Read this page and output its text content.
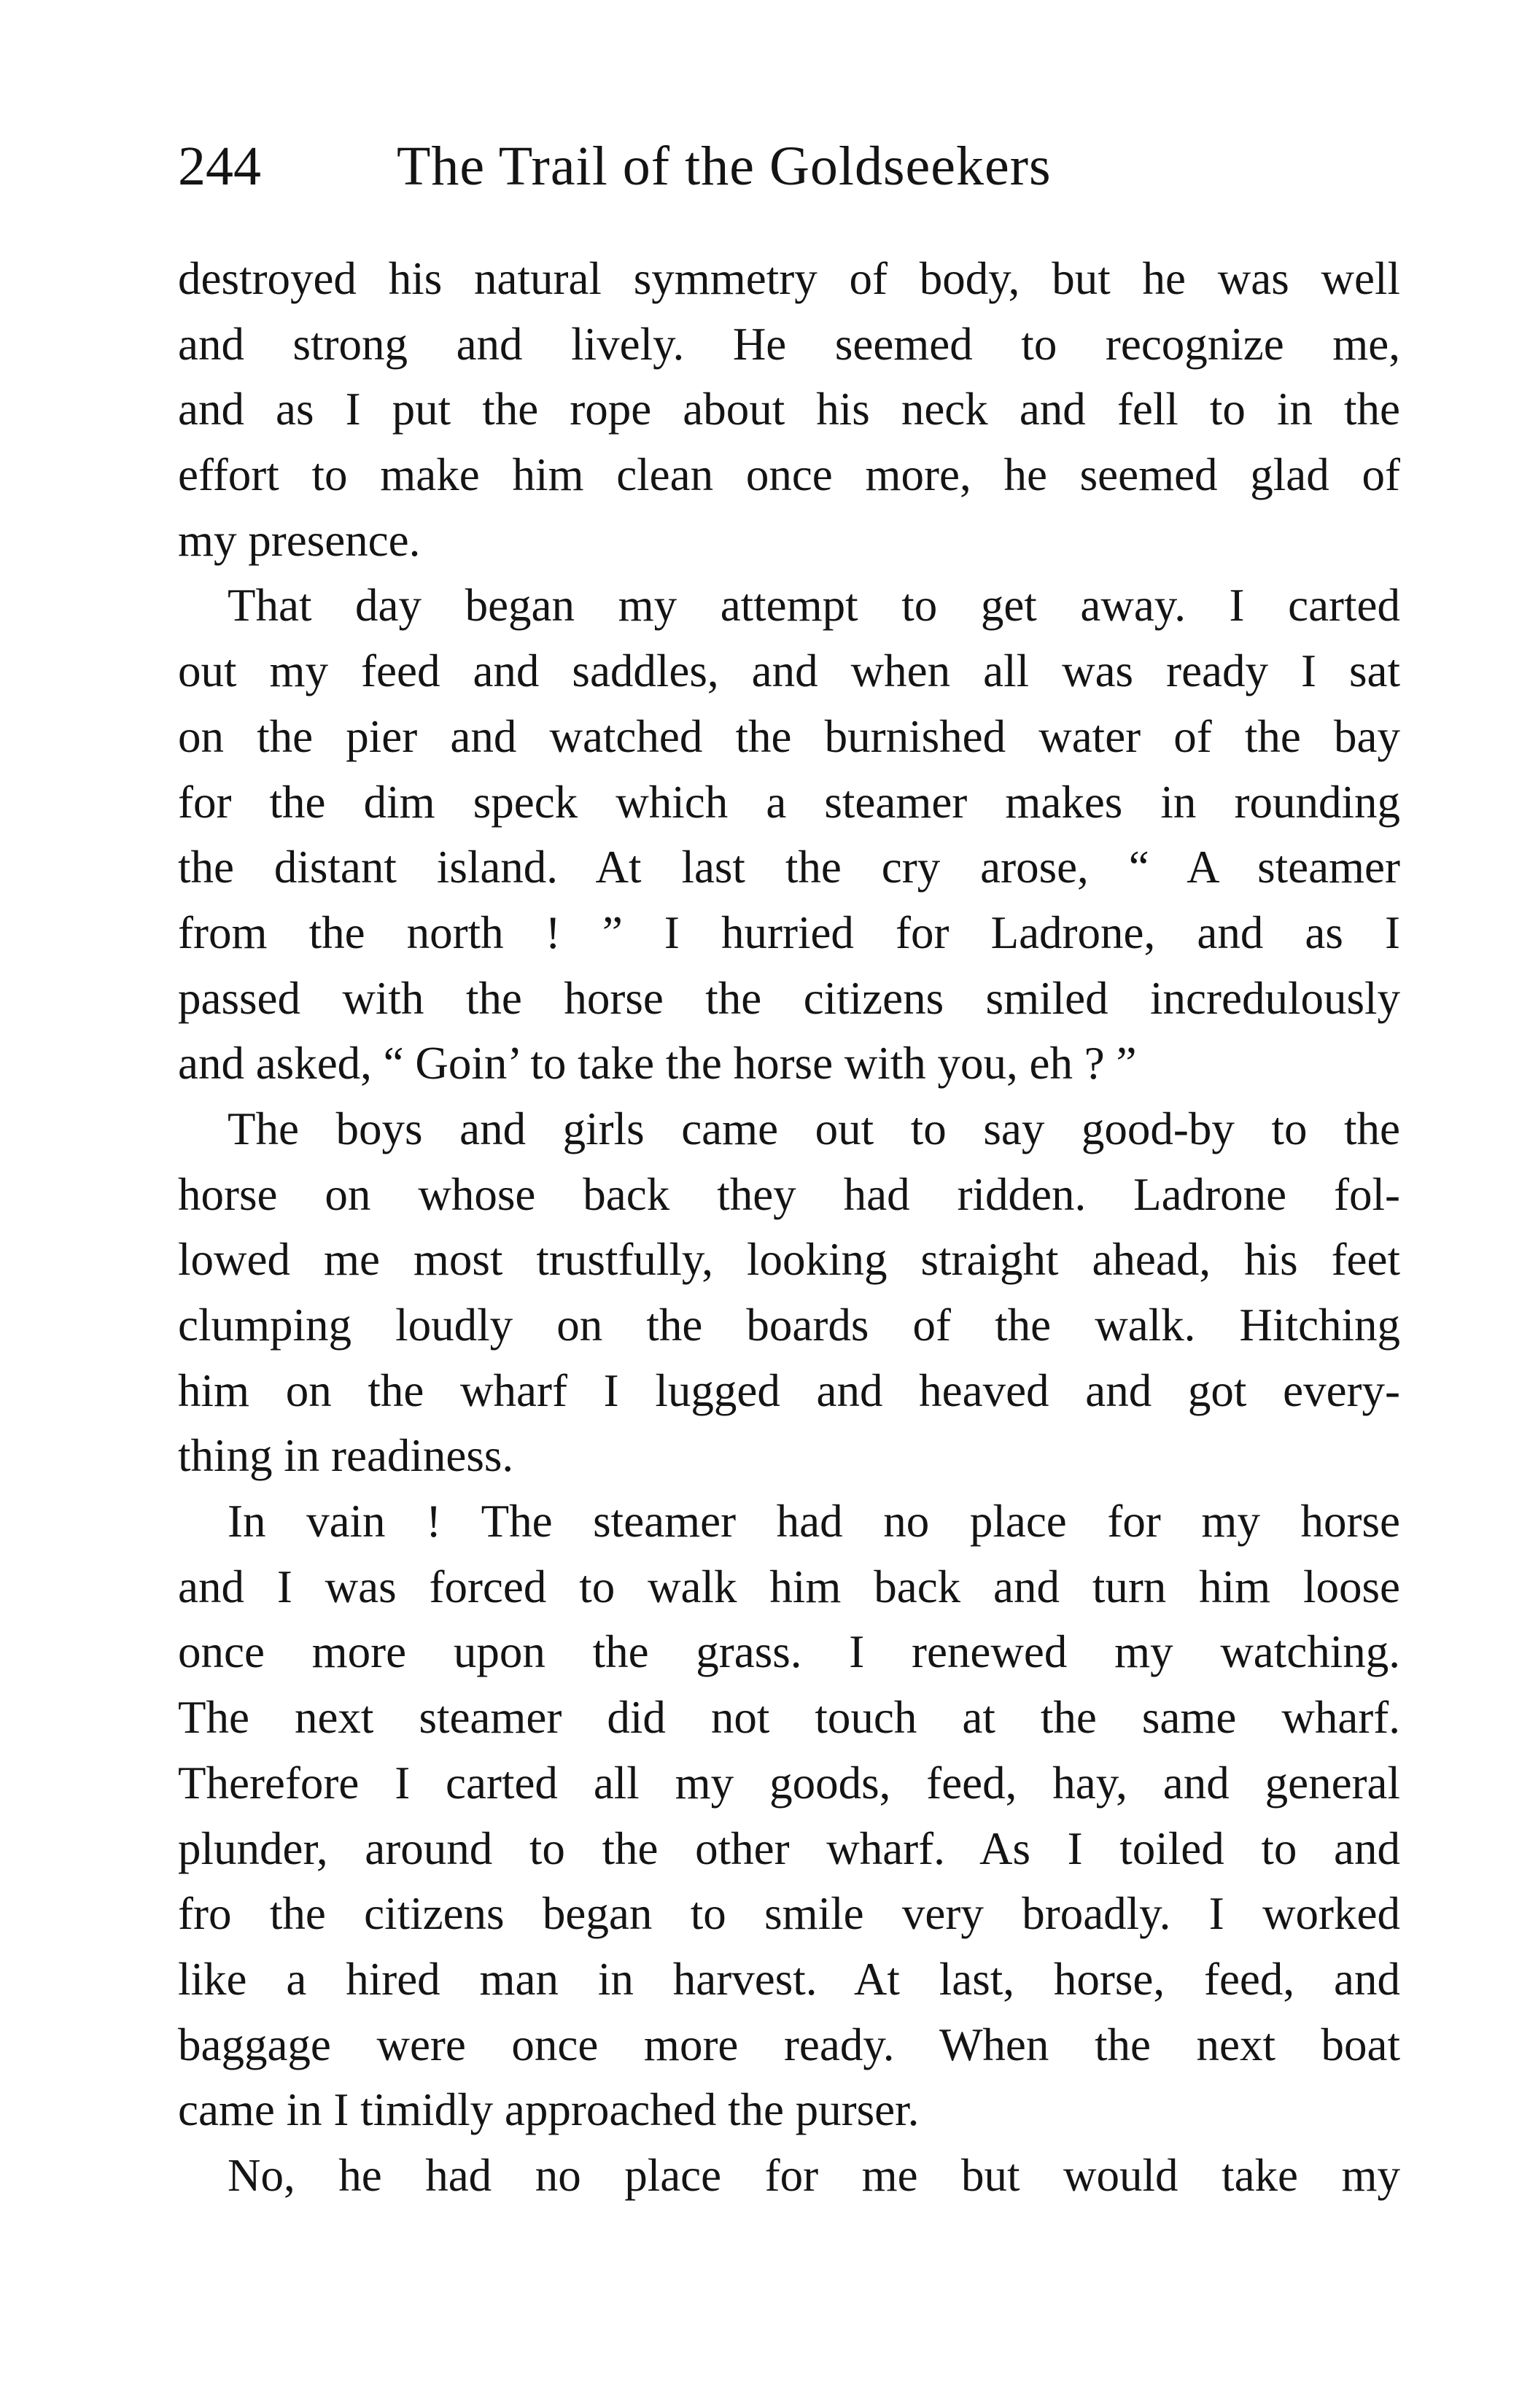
244 The Trail of the Goldseekers
destroyed his natural symmetry of body, but he was well
and strong and lively. He seemed to recognize me,
and as I put the rope about his neck and fell to in the
effort to make him clean once more, he seemed glad of
my presence.
That day began my attempt to get away. I carted
out my feed and saddles, and when all was ready I sat
on the pier and watched the burnished water of the bay
for the dim speck which a steamer makes in rounding
the distant island. At last the cry arose, “ A steamer
from the north ! ” I hurried for Ladrone, and as I
passed with the horse the citizens smiled incredulously
and asked, “ Goin’ to take the horse with you, eh ? ”
The boys and girls came out to say good-by to the
horse on whose back they had ridden. Ladrone fol-
lowed me most trustfully, looking straight ahead, his feet
clumping loudly on the boards of the walk. Hitching
him on the wharf I lugged and heaved and got every-
thing in readiness.
In vain ! The steamer had no place for my horse
and I was forced to walk him back and turn him loose
once more upon the grass. I renewed my watching.
The next steamer did not touch at the same wharf.
Therefore I carted all my goods, feed, hay, and general
plunder, around to the other wharf. As I toiled to and
fro the citizens began to smile very broadly. I worked
like a hired man in harvest. At last, horse, feed, and
baggage were once more ready. When the next boat
came in I timidly approached the purser.
No, he had no place for me but would take my
